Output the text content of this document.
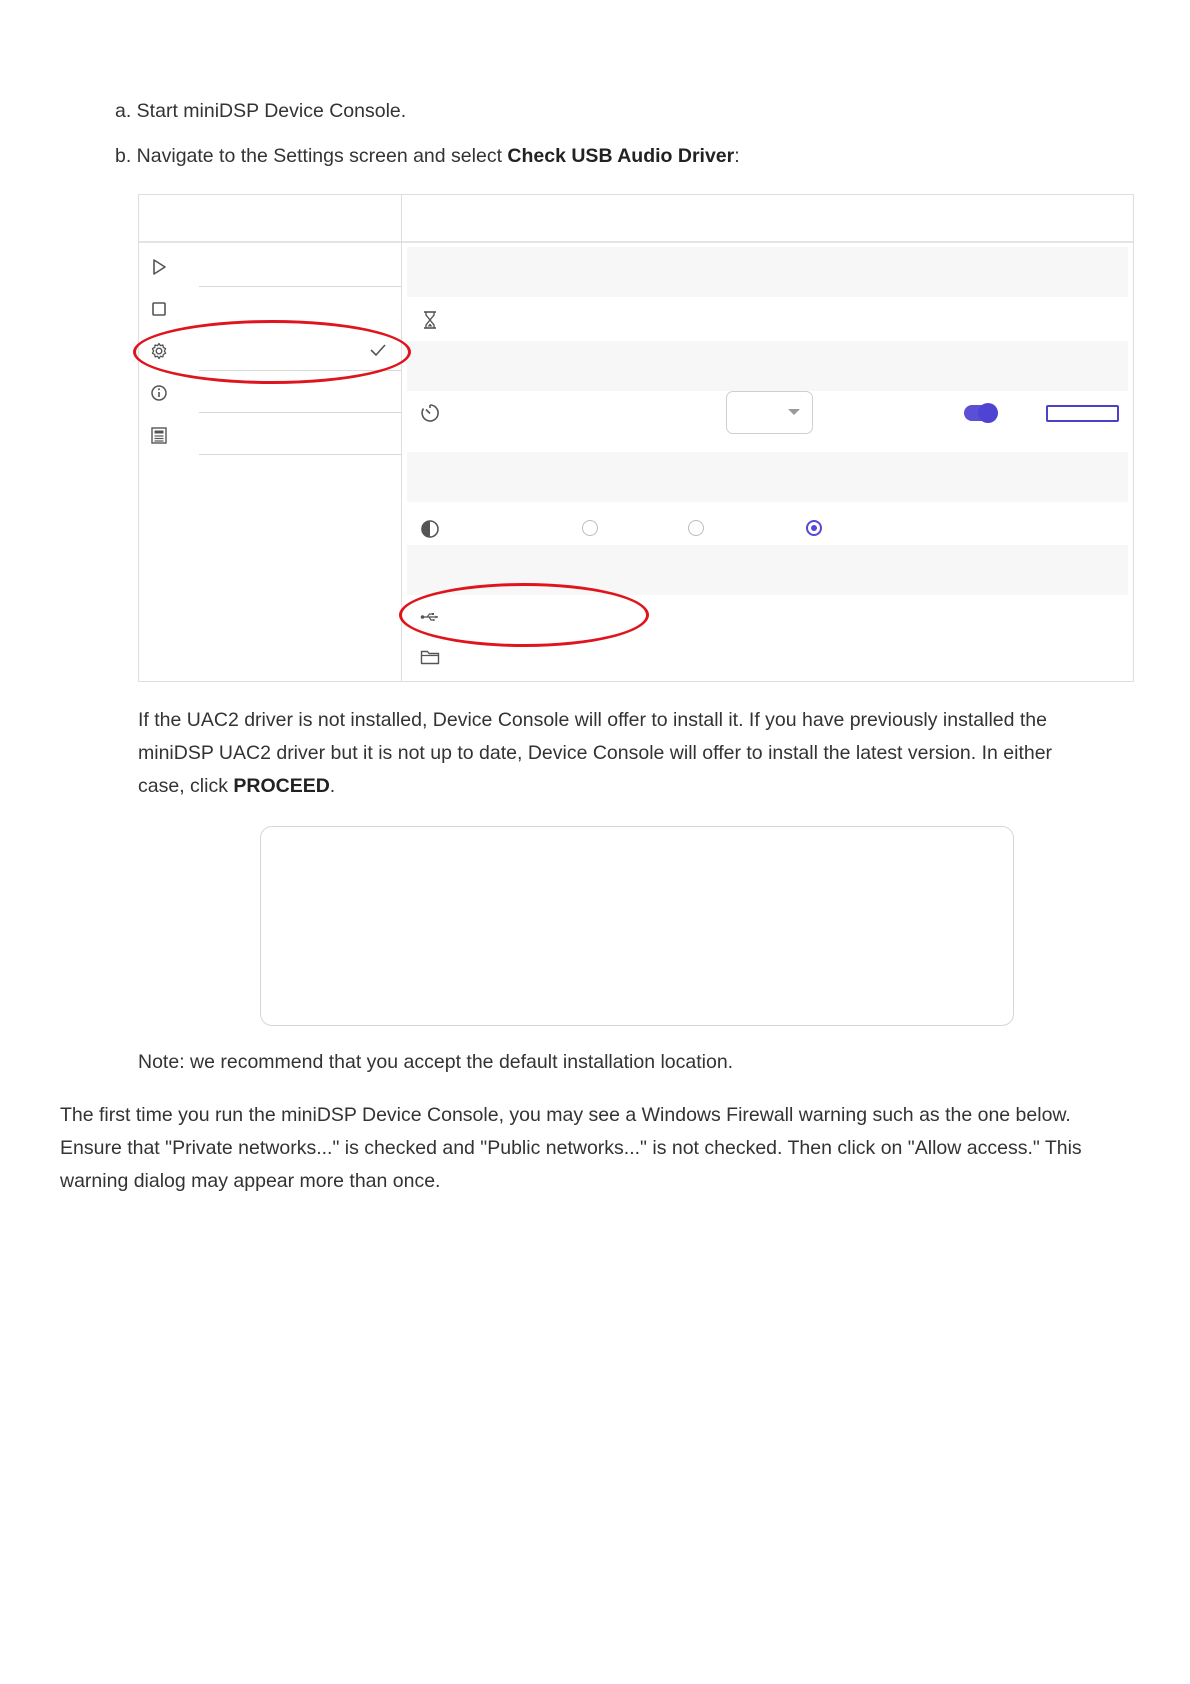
a. Start miniDSP Device Console.
b. Navigate to the Settings screen and select Check USB Audio Driver:
If the UAC2 driver is not installed, Device Console will offer to install it. If you have previously installed the
miniDSP UAC2 driver but it is not up to date, Device Console will offer to install the latest version. In either
case, click PROCEED.
Note: we recommend that you accept the default installation location.
The first time you run the miniDSP Device Console, you may see a Windows Firewall warning such as the one below.
Ensure that "Private networks..." is checked and "Public networks..." is not checked. Then click on "Allow access." This
warning dialog may appear more than once.
